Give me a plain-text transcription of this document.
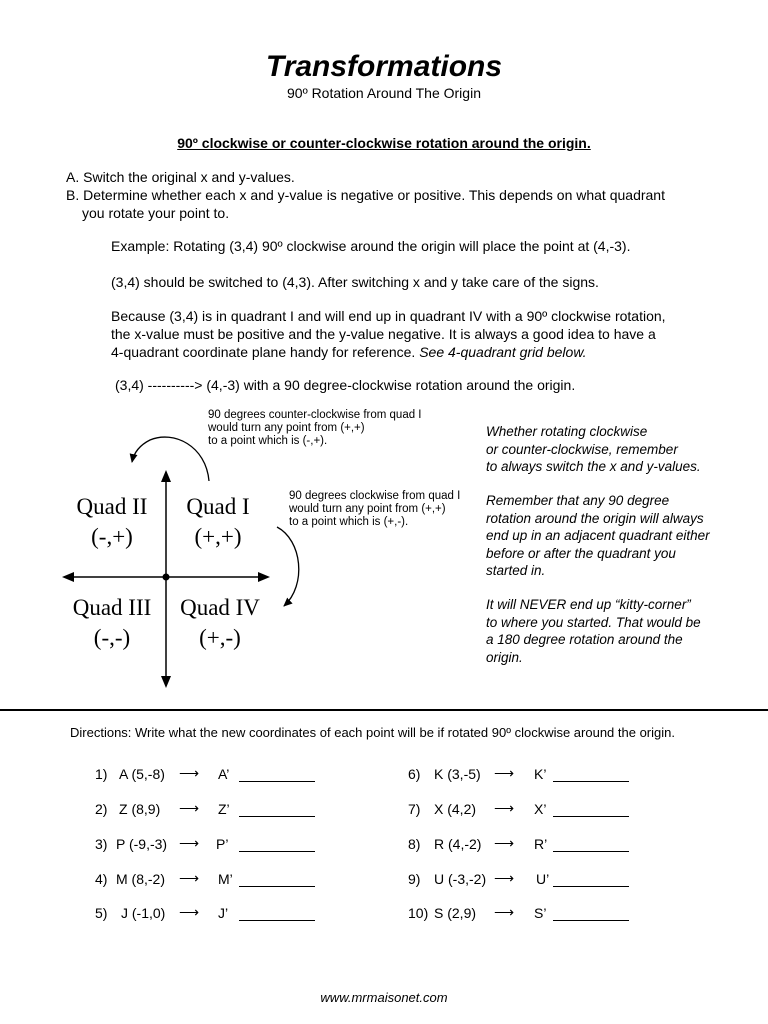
Transformations
90º Rotation Around The Origin
90º clockwise or counter-clockwise rotation around the origin.
A. Switch the original x and y-values.
B. Determine whether each x and y-value is negative or positive. This depends on what quadrant
you rotate your point to.
Example: Rotating (3,4) 90º clockwise around the origin will place the point at (4,-3).
(3,4) should be switched to (4,3). After switching x and y take care of the signs.
Because (3,4) is in quadrant I and will end up in quadrant IV with a 90º clockwise rotation,
the x-value must be positive and the y-value negative. It is always a good idea to have a
4-quadrant coordinate plane handy for reference. See 4-quadrant grid below.
(3,4) ----------> (4,-3) with a 90 degree-clockwise rotation around the origin.
90 degrees counter-clockwise from quad I
would turn any point from (+,+)
to a point which is (-,+).
90 degrees clockwise from quad I
would turn any point from (+,+)
to a point which is (+,-).
Quad II
(-,+)
Quad I
(+,+)
Quad III
(-,-)
Quad IV
(+,-)
Whether rotating clockwise
or counter-clockwise, remember
to always switch the x and y-values.
Remember that any 90 degree
rotation around the origin will always
end up in an adjacent quadrant either
before or after the quadrant you
started in.
It will NEVER end up “kitty-corner”
to where you started. That would be
a 180 degree rotation around the
origin.
Directions: Write what the new coordinates of each point will be if rotated 90º clockwise around the origin.
1) A (5,-8) ⟶ A’
2) Z (8,9) ⟶ Z’
3) P (-9,-3) ⟶ P’
4) M (8,-2) ⟶ M’
5) J (-1,0) ⟶ J’
6) K (3,-5) ⟶ K’
7) X (4,2) ⟶ X’
8) R (4,-2) ⟶ R’
9) U (-3,-2) ⟶ U’
10) S (2,9) ⟶ S’
www.mrmaisonet.com
